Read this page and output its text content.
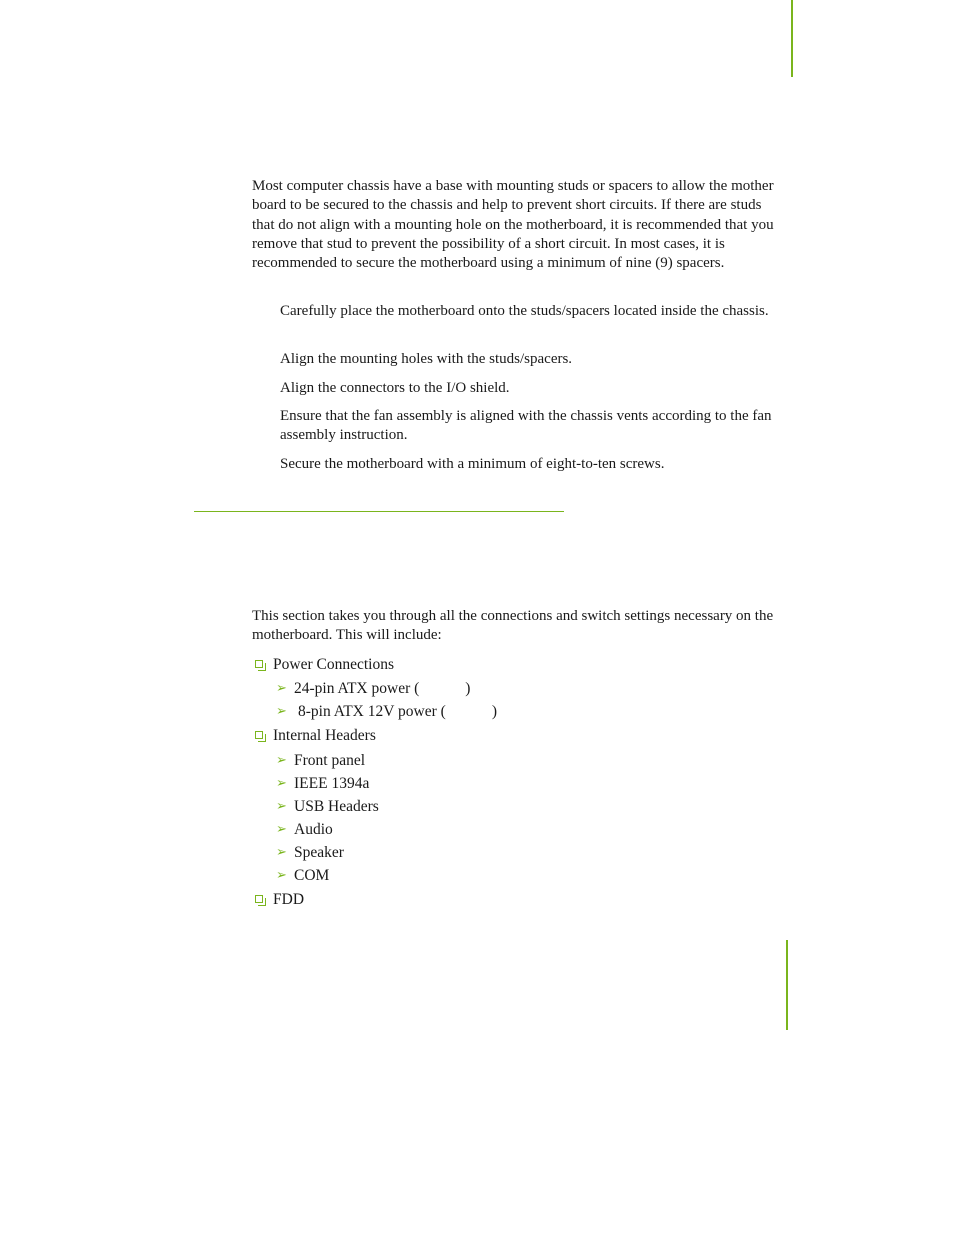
Most computer chassis have a base with mounting studs or spacers to allow the mother board to be secured to the chassis and help to prevent short circuits. If there are studs that do not align with a mounting hole on the motherboard, it is recommended that you remove that stud to prevent the possibility of a short circuit. In most cases, it is recommended to secure the motherboard using a minimum of nine (9) spacers.

Carefully place the motherboard onto the studs/spacers located inside the chassis.

Align the mounting holes with the studs/spacers.

Align the connectors to the I/O shield.

Ensure that the fan assembly is aligned with the chassis vents according to the fan assembly instruction.

Secure the motherboard with a minimum of eight-to-ten screws.

This section takes you through all the connections and switch settings necessary on the motherboard. This will include:

Power Connections
➢ 24-pin ATX power (	)
➢ 8-pin ATX 12V power (	)
Internal Headers
➢ Front panel
➢ IEEE 1394a
➢ USB Headers
➢ Audio
➢ Speaker
➢ COM
FDD
